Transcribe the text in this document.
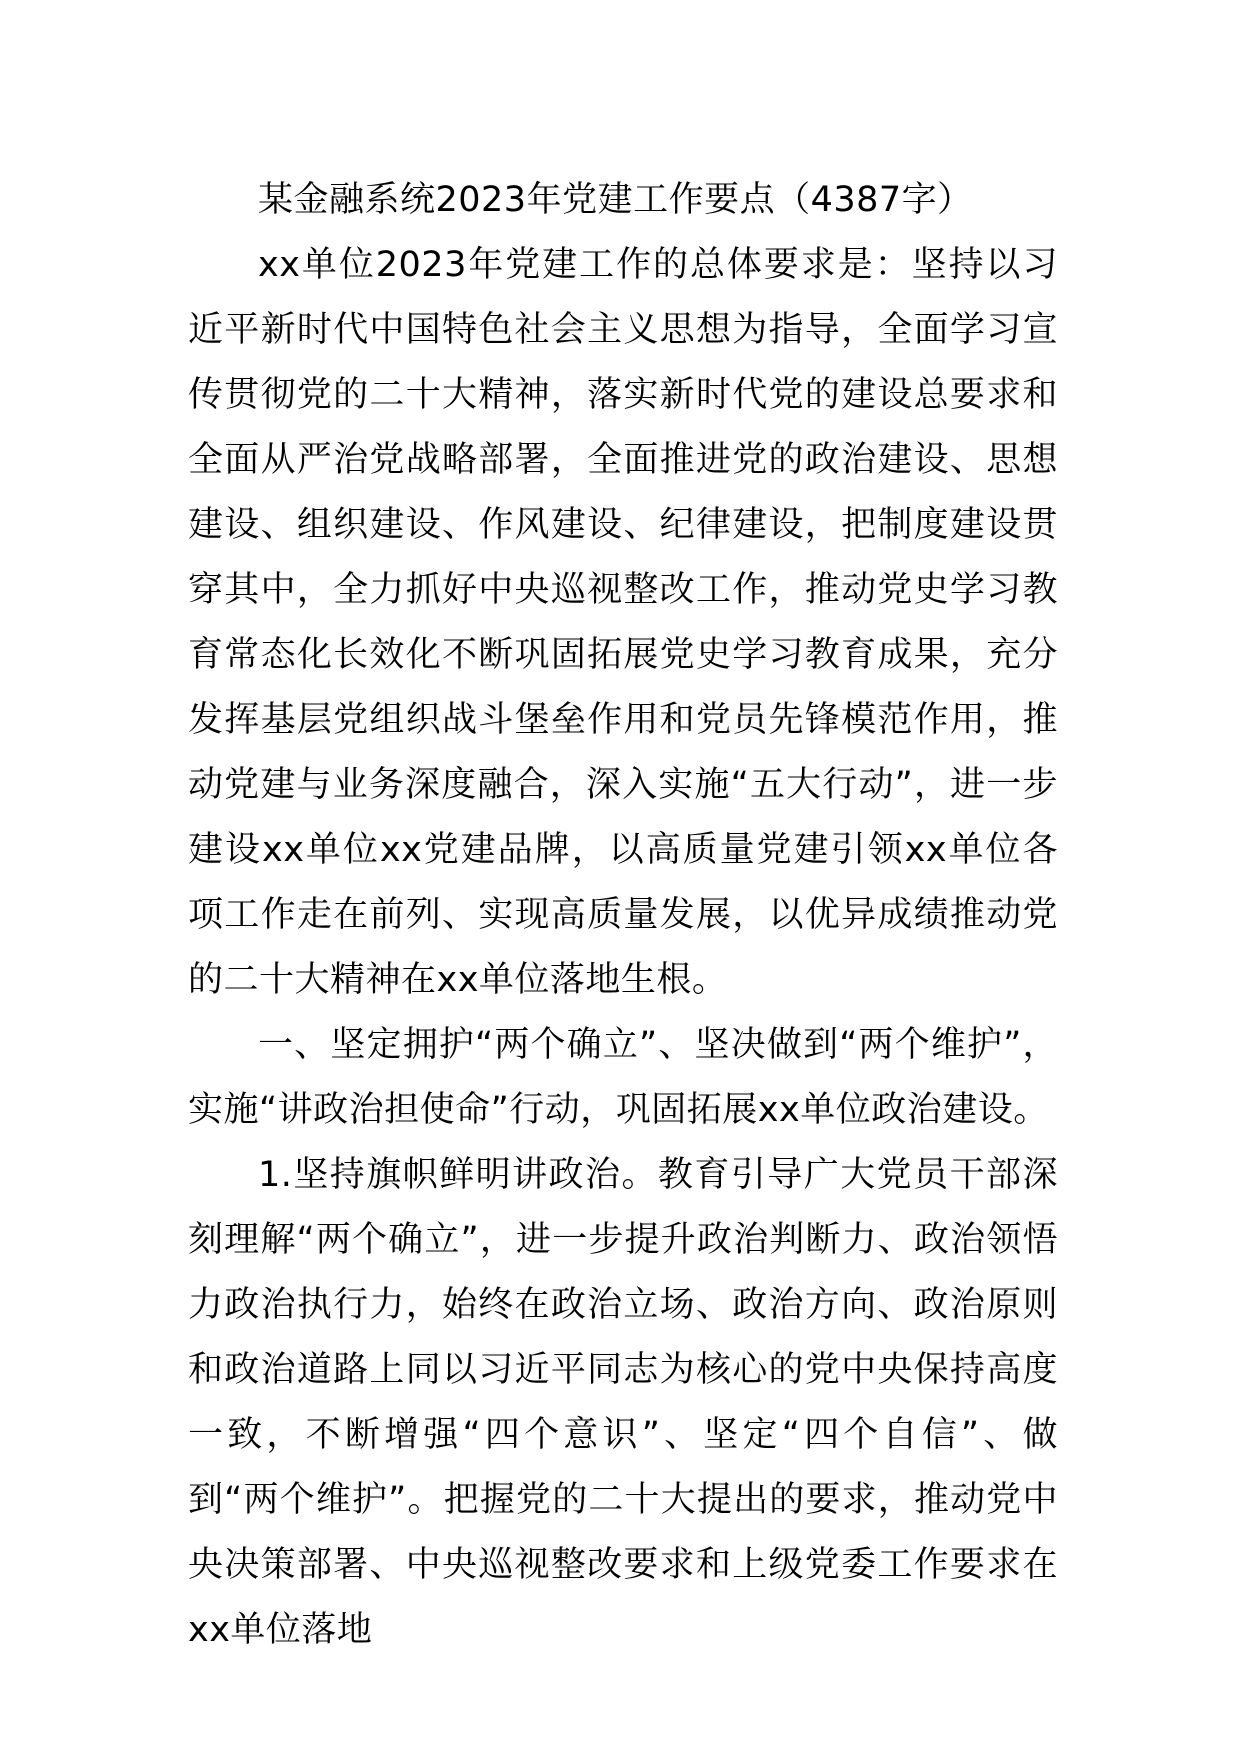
某金融系统2023年党建工作要点（4387字）

xx单位2023年党建工作的总体要求是：坚持以习近平新时代中国特色社会主义思想为指导，全面学习宣传贯彻党的二十大精神，落实新时代党的建设总要求和全面从严治党战略部署，全面推进党的政治建设、思想建设、组织建设、作风建设、纪律建设，把制度建设贯穿其中，全力抓好中央巡视整改工作，推动党史学习教育常态化长效化不断巩固拓展党史学习教育成果，充分发挥基层党组织战斗堡垒作用和党员先锋模范作用，推动党建与业务深度融合，深入实施“五大行动”，进一步建设xx单位xx党建品牌，以高质量党建引领xx单位各项工作走在前列、实现高质量发展，以优异成绩推动党的二十大精神在xx单位落地生根。

一、坚定拥护“两个确立”、坚决做到“两个维护”，实施“讲政治担使命”行动，巩固拓展xx单位政治建设。

1.坚持旗帜鲜明讲政治。教育引导广大党员干部深刻理解“两个确立”，进一步提升政治判断力、政治领悟力政治执行力，始终在政治立场、政治方向、政治原则和政治道路上同以习近平同志为核心的党中央保持高度一致，不断增强“四个意识”、坚定“四个自信”、做到“两个维护”。把握党的二十大提出的要求，推动党中央决策部署、中央巡视整改要求和上级党委工作要求在xx单位落地
